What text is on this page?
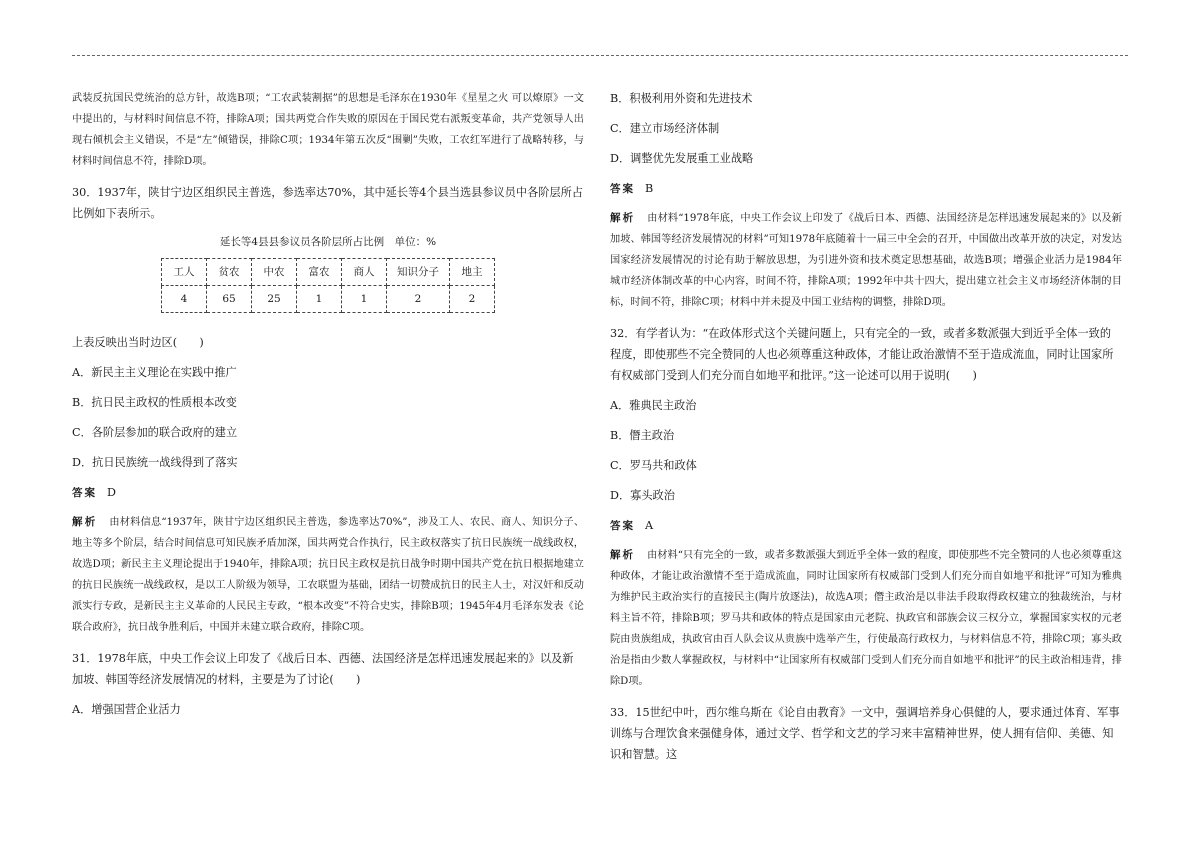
武装反抗国民党统治的总方针，故选B项；“工农武装割据”的思想是毛泽东在1930年《星星之火 可以燎原》一文中提出的，与材料时间信息不符，排除A项；国共两党合作失败的原因在于国民党右派叛变革命，共产党领导人出现右倾机会主义错误，不是“左”倾错误，排除C项；1934年第五次反“围剿”失败，工农红军进行了战略转移，与材料时间信息不符，排除D项。

30．1937年，陕甘宁边区组织民主普选，参选率达70%，其中延长等4个县当选县参议员中各阶层所占比例如下表所示。

延长等4县县参议员各阶层所占比例　单位：%

工人	贫农	中农	富农	商人	知识分子	地主
4	65	25	1	1	2	2

上表反映出当时边区(　　)

A．新民主主义理论在实践中推广

B．抗日民主政权的性质根本改变

C．各阶层参加的联合政府的建立

D．抗日民族统一战线得到了落实

答案 D

解析 由材料信息“1937年，陕甘宁边区组织民主普选，参选率达70%”，涉及工人、农民、商人、知识分子、地主等多个阶层，结合时间信息可知民族矛盾加深，国共两党合作执行，民主政权落实了抗日民族统一战线政权，故选D项；新民主主义理论提出于1940年，排除A项；抗日民主政权是抗日战争时期中国共产党在抗日根据地建立的抗日民族统一战线政权，是以工人阶级为领导，工农联盟为基础，团结一切赞成抗日的民主人士，对汉奸和反动派实行专政，是新民主主义革命的人民民主专政，“根本改变”不符合史实，排除B项；1945年4月毛泽东发表《论联合政府》，抗日战争胜利后，中国并未建立联合政府，排除C项。

31．1978年底，中央工作会议上印发了《战后日本、西德、法国经济是怎样迅速发展起来的》以及新加坡、韩国等经济发展情况的材料，主要是为了讨论(　　)

A．增强国营企业活力

B．积极利用外资和先进技术

C．建立市场经济体制

D．调整优先发展重工业战略

答案 B

解析 由材料“1978年底，中央工作会议上印发了《战后日本、西德、法国经济是怎样迅速发展起来的》以及新加坡、韩国等经济发展情况的材料”可知1978年底随着十一届三中全会的召开，中国做出改革开放的决定，对发达国家经济发展情况的讨论有助于解放思想，为引进外资和技术奠定思想基础，故选B项；增强企业活力是1984年城市经济体制改革的中心内容，时间不符，排除A项；1992年中共十四大，提出建立社会主义市场经济体制的目标，时间不符，排除C项；材料中并未提及中国工业结构的调整，排除D项。

32．有学者认为：“在政体形式这个关键问题上，只有完全的一致，或者多数派强大到近乎全体一致的程度，即使那些不完全赞同的人也必须尊重这种政体，才能让政治激情不至于造成流血，同时让国家所有权威部门受到人们充分而自如地平和批评。”这一论述可以用于说明(　　)

A．雅典民主政治

B．僭主政治

C．罗马共和政体

D．寡头政治

答案 A

解析 由材料“只有完全的一致，或者多数派强大到近乎全体一致的程度，即使那些不完全赞同的人也必须尊重这种政体，才能让政治激情不至于造成流血，同时让国家所有权威部门受到人们充分而自如地平和批评”可知为雅典为维护民主政治实行的直接民主(陶片放逐法)，故选A项；僭主政治是以非法手段取得政权建立的独裁统治，与材料主旨不符，排除B项；罗马共和政体的特点是国家由元老院、执政官和部族会议三权分立，掌握国家实权的元老院由贵族组成，执政官由百人队会议从贵族中选举产生，行使最高行政权力，与材料信息不符，排除C项；寡头政治是指由少数人掌握政权，与材料中“让国家所有权威部门受到人们充分而自如地平和批评”的民主政治相违背，排除D项。

33．15世纪中叶，西尔维乌斯在《论自由教育》一文中，强调培养身心俱健的人，要求通过体育、军事训练与合理饮食来强健身体，通过文学、哲学和文艺的学习来丰富精神世界，使人拥有信仰、美德、知识和智慧。这
